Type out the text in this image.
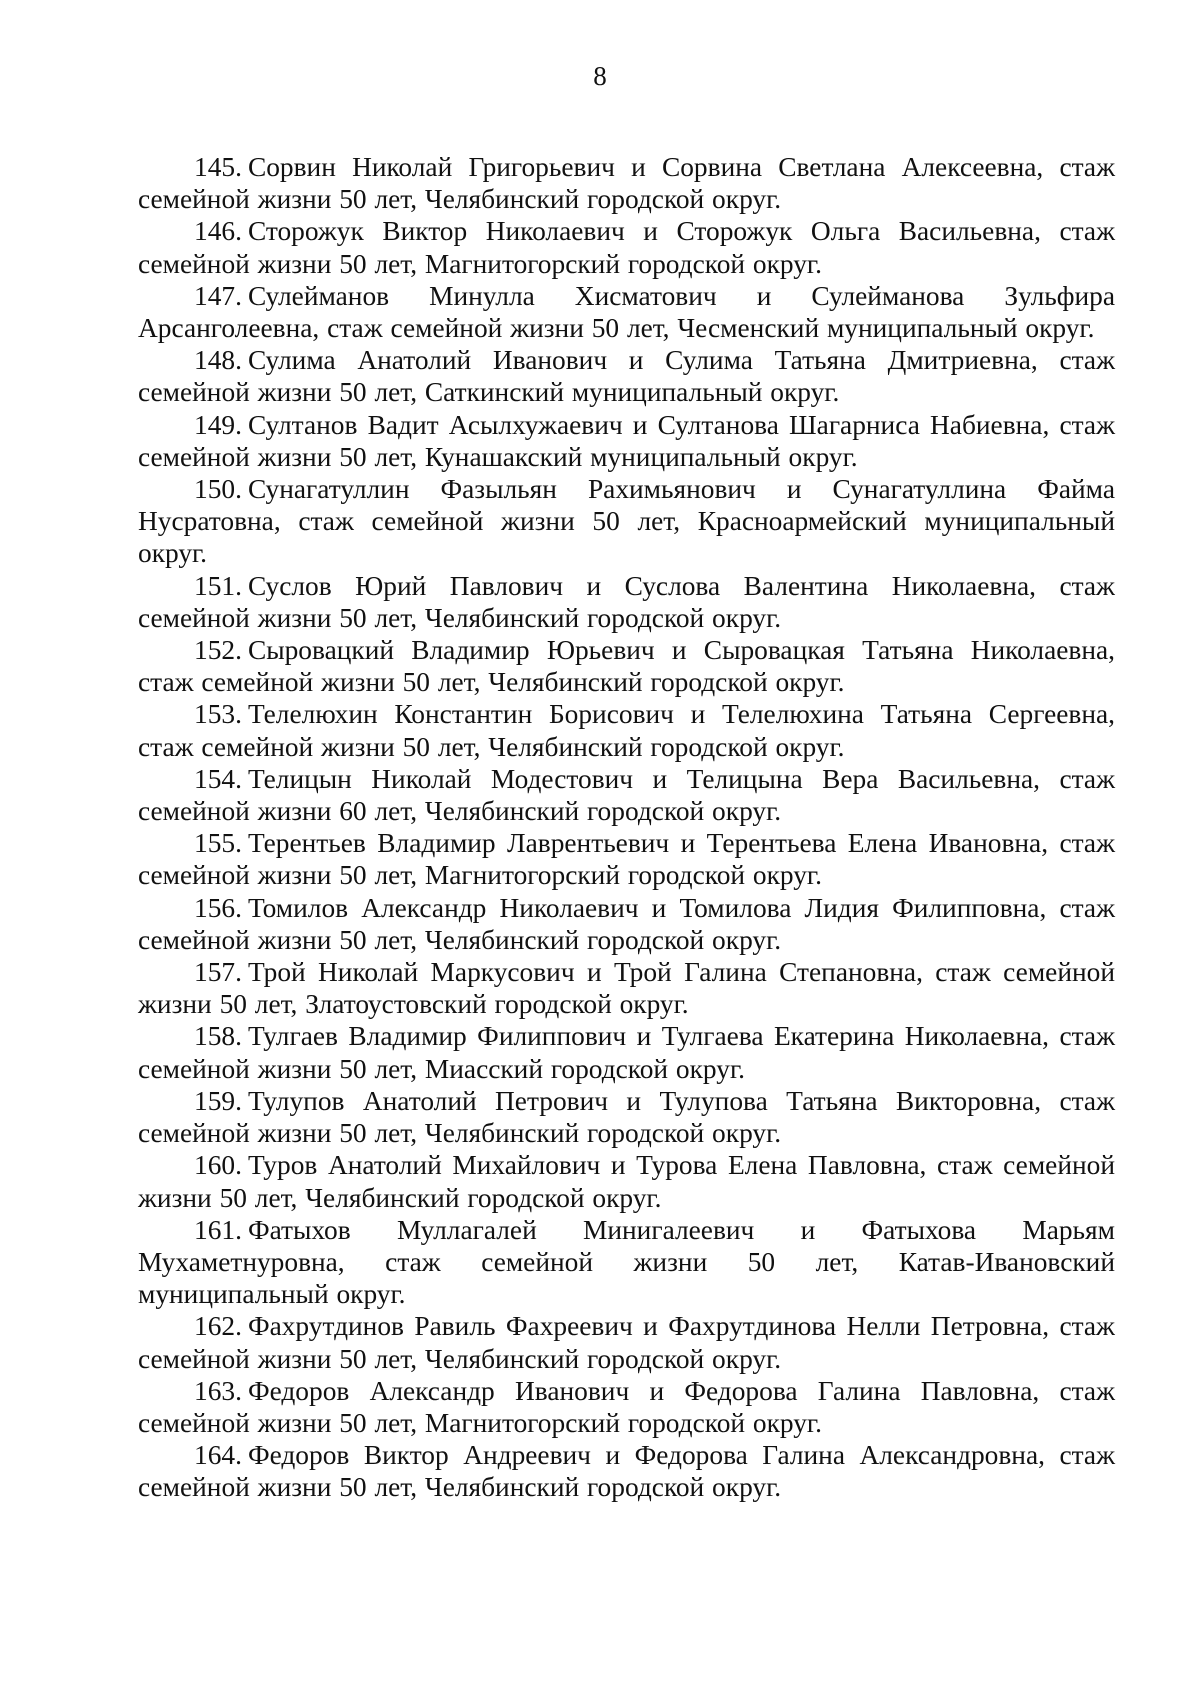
8

145. Сорвин Николай Григорьевич и Сорвина Светлана Алексеевна, стаж семейной жизни 50 лет, Челябинский городской округ.

146. Сторожук Виктор Николаевич и Сторожук Ольга Васильевна, стаж семейной жизни 50 лет, Магнитогорский городской округ.

147. Сулейманов Минулла Хисматович и Сулейманова Зульфира Арсанголеевна, стаж семейной жизни 50 лет, Чесменский муниципальный округ.

148. Сулима Анатолий Иванович и Сулима Татьяна Дмитриевна, стаж семейной жизни 50 лет, Саткинский муниципальный округ.

149. Султанов Вадит Асылхужаевич и Султанова Шагарниса Набиевна, стаж семейной жизни 50 лет, Кунашакский муниципальный округ.

150. Сунагатуллин Фазыльян Рахимьянович и Сунагатуллина Файма Нусратовна, стаж семейной жизни 50 лет, Красноармейский муниципальный округ.

151. Суслов Юрий Павлович и Суслова Валентина Николаевна, стаж семейной жизни 50 лет, Челябинский городской округ.

152. Сыровацкий Владимир Юрьевич и Сыровацкая Татьяна Николаевна, стаж семейной жизни 50 лет, Челябинский городской округ.

153. Телелюхин Константин Борисович и Телелюхина Татьяна Сергеевна, стаж семейной жизни 50 лет, Челябинский городской округ.

154. Телицын Николай Модестович и Телицына Вера Васильевна, стаж семейной жизни 60 лет, Челябинский городской округ.

155. Терентьев Владимир Лаврентьевич и Терентьева Елена Ивановна, стаж семейной жизни 50 лет, Магнитогорский городской округ.

156. Томилов Александр Николаевич и Томилова Лидия Филипповна, стаж семейной жизни 50 лет, Челябинский городской округ.

157. Трой Николай Маркусович и Трой Галина Степановна, стаж семейной жизни 50 лет, Златоустовский городской округ.

158. Тулгаев Владимир Филиппович и Тулгаева Екатерина Николаевна, стаж семейной жизни 50 лет, Миасский городской округ.

159. Тулупов Анатолий Петрович и Тулупова Татьяна Викторовна, стаж семейной жизни 50 лет, Челябинский городской округ.

160. Туров Анатолий Михайлович и Турова Елена Павловна, стаж семейной жизни 50 лет, Челябинский городской округ.

161. Фатыхов Муллагалей Минигалеевич и Фатыхова Марьям Мухаметнуровна, стаж семейной жизни 50 лет, Катав-Ивановский муниципальный округ.

162. Фахрутдинов Равиль Фахреевич и Фахрутдинова Нелли Петровна, стаж семейной жизни 50 лет, Челябинский городской округ.

163. Федоров Александр Иванович и Федорова Галина Павловна, стаж семейной жизни 50 лет, Магнитогорский городской округ.

164. Федоров Виктор Андреевич и Федорова Галина Александровна, стаж семейной жизни 50 лет, Челябинский городской округ.
